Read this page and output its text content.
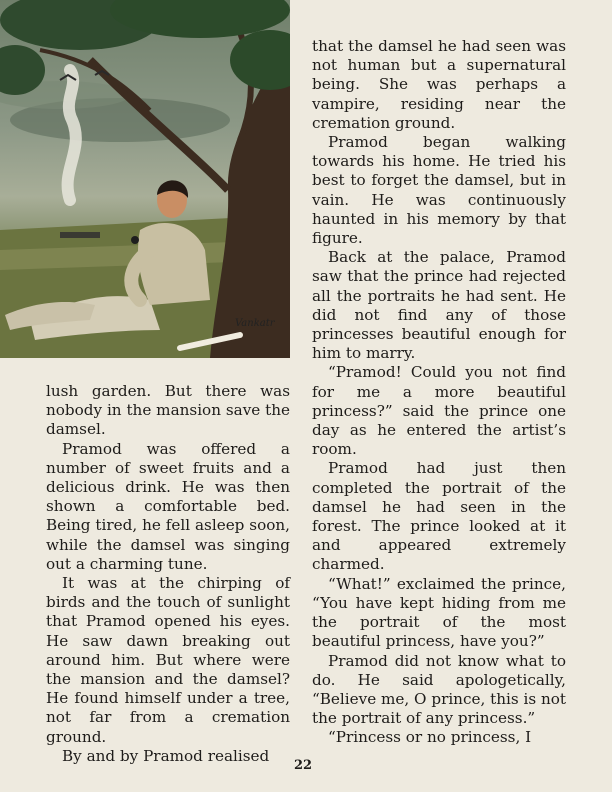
Vankatr

lush garden. But there was nobody in the mansion save the damsel.

Pramod was offered a number of sweet fruits and a delicious drink. He was then shown a comfortable bed. Being tired, he fell asleep soon, while the damsel was singing out a charming tune.

It was at the chirping of birds and the touch of sunlight that Pramod opened his eyes. He saw dawn breaking out around him. But where were the mansion and the damsel? He found himself under a tree, not far from a cremation ground.

By and by Pramod realised

that the damsel he had seen was not human but a supernatural being. She was perhaps a vampire, residing near the cremation ground.

Pramod began walking towards his home. He tried his best to forget the damsel, but in vain. He was continuously haunted in his memory by that figure.

Back at the palace, Pramod saw that the prince had rejected all the portraits he had sent. He did not find any of those princesses beautiful enough for him to marry.

“Pramod! Could you not find for me a more beautiful princess?” said the prince one day as he entered the artist’s room.

Pramod had just then completed the portrait of the damsel he had seen in the forest. The prince looked at it and appeared extremely charmed.

“What!” exclaimed the prince, “You have kept hiding from me the portrait of the most beautiful princess, have you?”

Pramod did not know what to do. He said apologetically, “Believe me, O prince, this is not the portrait of any princess.”

“Princess or no princess, I

22
